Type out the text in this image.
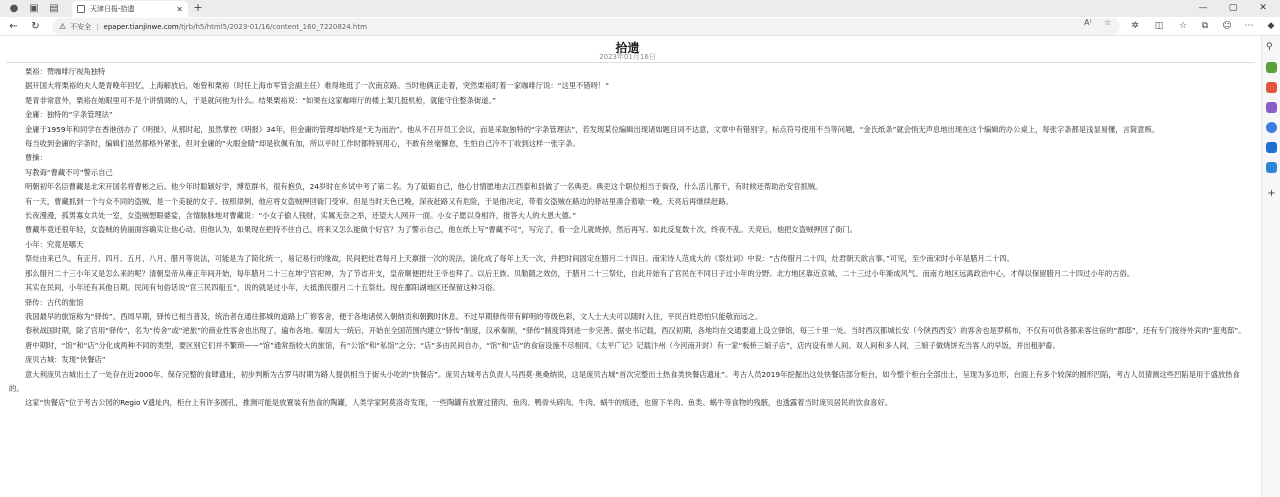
● ▣ ▤	天津日报-拾遗	✕ +	—	▢	✕
←	↻	⚠ 不安全 | epaper.tianjinwe.com/tjrb/h5/html5/2023-01/16/content_160_7220824.htm	A⁾ ☆	✲	◫	☆	⧉	☺ ⋯	◆
⚲
+
拾遗
2023年01月16日

栗裕：赞咖啡厅视角独特

据开国大将栗裕的夫人楚青晚年回忆，上海解放后，她曾和栗裕（时任上海市军管会副主任）难得地逛了一次南京路。当时他俩正走着，突然栗裕盯着一家咖啡厅说：“这里不错呀！”

楚青非常意外，栗裕在她眼里可不是个讲情调的人，于是就问他为什么。结果栗裕说：“如果在这家咖啡厅的楼上架几挺机枪，就能守住整条街道。”

金庸：独特的“字条管理法”

金庸于1959年和同学在香港创办了《明报》，从那时起，虽然掌控《明报》34年，但金庸的管理却始终是“无为而治”。他从不召开员工会议，而是采取独特的“字条管理法”，若发现某位编辑出现诸如题目词不达意，文章中有错别字，标点符号使用不当等问题，“金氏纸条”就会悄无声息地出现在这个编辑的办公桌上，每张字条都是浅显易懂，言简意赅。

每当收到金庸的字条时，编辑们虽然都格外紧张，但对金庸的“火眼金睛”却是钦佩有加，所以平时工作时都特别用心，不敢有丝毫懈怠，生怕自己冷不丁收到这样一张字条。

曹操：

写教诲“曹藏不可”警示自己

明朝初年名臣曹藏是北宋开国名将曹彬之后。他少年时聪颖好学，博览群书，很有抱负，24岁时在乡试中考了第二名。为了砥砺自己，他心甘情愿地去江西泰和县做了一名典吏。典吏这个职位相当于衙役，什么活儿都干，有时候还帮助治安官抓贼。

有一天，曹藏抓到一个与众不同的盗贼，是一个美貌的女子。按照律例，他应将女盗贼押回衙门受审。但是当时天色已晚，深夜赶路又有危险，于是他决定，带着女盗贼在路边的驿站里凑合着歇一晚，天亮后再继续赶路。

长夜漫漫，孤男寡女共处一室，女盗贼想眼婆娑，含情脉脉地对曹藏说：“小女子偷人钱财，实属无奈之举，还望大人网开一面。小女子愿以身相许，报答大人的大恩大德。”

曹藏毕竟还很年轻，女盗贼的俏丽面容确实让他心动。但他认为，如果现在把持不住自己，将来又怎么能做个好官？为了警示自己，他在纸上写“曹藏不可”，写完了，看一会儿就烧掉，然后再写。如此反复数十次，终夜不乱。天亮后，他把女盗贼押回了衙门。

小年：究竟是哪天

祭灶由来已久，有正月、四月、五月、八月、腊月等说法，可能是为了简化统一，易记易行的缘故，民间把灶君每月上天禀报一次的说法，演化成了每年上天一次，并把时间固定在腊月二十四日。南宋诗人范成大的《祭灶词》中说：“古传腊月二十四，灶君朝天欲言事。”可见，至少南宋时小年是腊月二十四。

那么腊月二十三小年又是怎么来的呢？清朝皇帝从雍正年间开始，每年腊月二十三在坤宁宫祀神，为了节省开支，皇帝顺便把灶王爷也拜了。以后王族、贝勒随之效仿，于腊月二十三祭灶，自此开始有了官民在不同日子过小年的分野。北方地区靠近京城，二十三过小年渐成风气。而南方地区远离政治中心，才得以保留腊月二十四过小年的古俗。

其实在民间，小年还有其他日期。民间有句俗话说“官三民四船五”，说的就是过小年，大抵渔民腊月二十五祭灶。现在鄱阳湖地区还保留这种习俗。

驿传：古代的旅馆

我国最早的旅馆称为“驿传”。西周早期，驿传已相当普及，统治者在通往都城的道路上广修客舍，便于各地诸侯入朝纳贡和朝觐时休息。不过早期驿传带有鲜明的等级色彩，文人士大夫可以随时入住，平民百姓恐怕只能敬而远之。

春秋战国时期，除了官用“驿传”，名为“传舍”或“逆旅”的商业性客舍也出现了，遍布各地。秦国大一统后，开始在全国范围内建立“驿传”制度，汉承秦制，“驿传”制度得到进一步完善。据史书记载，西汉初期，各地均在交通要道上设立驿馆，每三十里一处。当时西汉都城长安（今陕西西安）的客舍也是罗棋布，不仅有可供各都来客住宿的“郡邸”，还有专门接待外宾的“蛮夷邸”。

唐中期时，“馆”和“店”分化成两种不同的类型，要区别它们并不繁琐——“馆”通常指较大的旅馆，有“公馆”和“私馆”之分；“店”多由民间自办，“馆”和“店”的食宿设施不尽相同，《太平广记》记载汴州（今河南开封）有一家“板桥三娘子店”，店内设有单人间、双人间和多人间，三娘子做烧饼充当客人的早饭，并出租驴畜。

庞贝古城：发现“快餐店”

意大利庞贝古城出土了一处存在近2000年、保存完整的食肆遗址，初步判断为古罗马时期为路人提供相当于街头小吃的“快餐店”。庞贝古城考古负责人马西莫·奥桑纳说，这是庞贝古城“首次完整出土热食类快餐店遗址”。考古人员2019年挖掘出这处快餐店部分柜台，如今整个柜台全部出土，呈现为多边形，台面上有多个较深的圆形凹陷，考古人员猜测这些凹陷是用于盛放热食的。

这家“快餐店”位于考古公园的Regio V遗址内，柜台上有许多圆孔，推测可能是放置装有热食的陶罐，人类学家阿莫洛奇发现，一些陶罐有放置过猪肉、鱼肉、鸭骨头碎肉、牛肉、蜗牛的痕迹，也留下羊肉、鱼类、蜗牛等食物的残骸，也透露着当时庞贝居民的饮食喜好。
